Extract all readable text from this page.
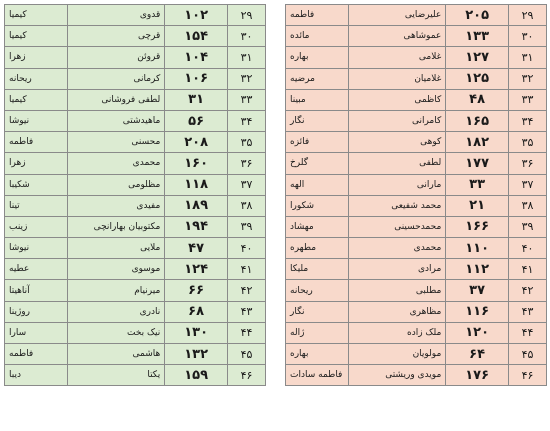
کیمیا	قدوی	۱۰۲	۲۹
کیمیا	قرچی	۱۵۴	۳۰
زهرا	قروئن	۱۰۴	۳۱
ریحانه	کرمانی	۱۰۶	۳۲
کیمیا	لطفی فروشانی	۳۱	۳۳
نیوشا	ماهیدشتی	۵۶	۳۴
فاطمه	محسنی	۲۰۸	۳۵
زهرا	محمدی	۱۶۰	۳۶
شکیبا	مظلومی	۱۱۸	۳۷
تینا	مفیدی	۱۸۹	۳۸
زینب	مکتوبیان بهارانچی	۱۹۴	۳۹
نیوشا	ملایی	۴۷	۴۰
عطیه	موسوی	۱۲۴	۴۱
آناهیتا	میرنیام	۶۶	۴۲
روژینا	نادری	۶۸	۴۳
سارا	نیک بخت	۱۳۰	۴۴
فاطمه	هاشمی	۱۳۲	۴۵
دیبا	یکتا	۱۵۹	۴۶
فاطمه	علیرضایی	۲۰۵	۲۹
مائده	عموشاهی	۱۳۳	۳۰
بهاره	غلامی	۱۲۷	۳۱
مرضیه	غلامیان	۱۲۵	۳۲
مبینا	کاظمی	۴۸	۳۳
نگار	کامرانی	۱۶۵	۳۴
فائزه	کوهی	۱۸۲	۳۵
گلرخ	لطفی	۱۷۷	۳۶
الهه	مارانی	۳۳	۳۷
شکورا	محمد شفیعی	۲۱	۳۸
مهشاد	محمدحسینی	۱۶۶	۳۹
مطهره	محمدی	۱۱۰	۴۰
ملیکا	مرادی	۱۱۲	۴۱
ریحانه	مطلبی	۳۷	۴۲
نگار	مظاهری	۱۱۶	۴۳
ژاله	ملک زاده	۱۲۰	۴۴
بهاره	مولویان	۶۴	۴۵
فاطمه سادات	مویدی وریشتی	۱۷۶	۴۶
